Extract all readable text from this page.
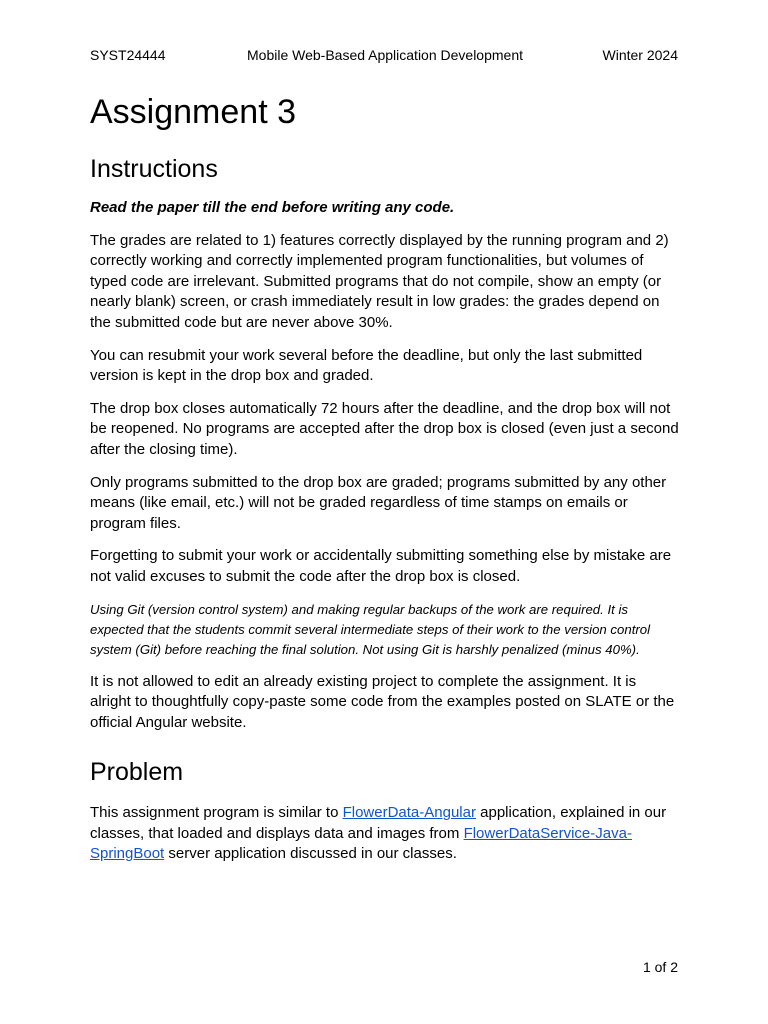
SYST24444	Mobile Web-Based Application Development	Winter 2024
Assignment 3
Instructions

Read the paper till the end before writing any code.

The grades are related to 1) features correctly displayed by the running program and 2) correctly working and correctly implemented program functionalities, but volumes of typed code are irrelevant. Submitted programs that do not compile, show an empty (or nearly blank) screen, or crash immediately result in low grades: the grades depend on the submitted code but are never above 30%.

You can resubmit your work several before the deadline, but only the last submitted version is kept in the drop box and graded.

The drop box closes automatically 72 hours after the deadline, and the drop box will not be reopened. No programs are accepted after the drop box is closed (even just a second after the closing time).

Only programs submitted to the drop box are graded; programs submitted by any other means (like email, etc.) will not be graded regardless of time stamps on emails or program files.

Forgetting to submit your work or accidentally submitting something else by mistake are not valid excuses to submit the code after the drop box is closed.

Using Git (version control system) and making regular backups of the work are required. It is expected that the students commit several intermediate steps of their work to the version control system (Git) before reaching the final solution. Not using Git is harshly penalized (minus 40%).

It is not allowed to edit an already existing project to complete the assignment. It is alright to thoughtfully copy-paste some code from the examples posted on SLATE or the official Angular website.

Problem

This assignment program is similar to FlowerData-Angular application, explained in our classes, that loaded and displays data and images from FlowerDataService-Java-SpringBoot server application discussed in our classes.

1 of 2
